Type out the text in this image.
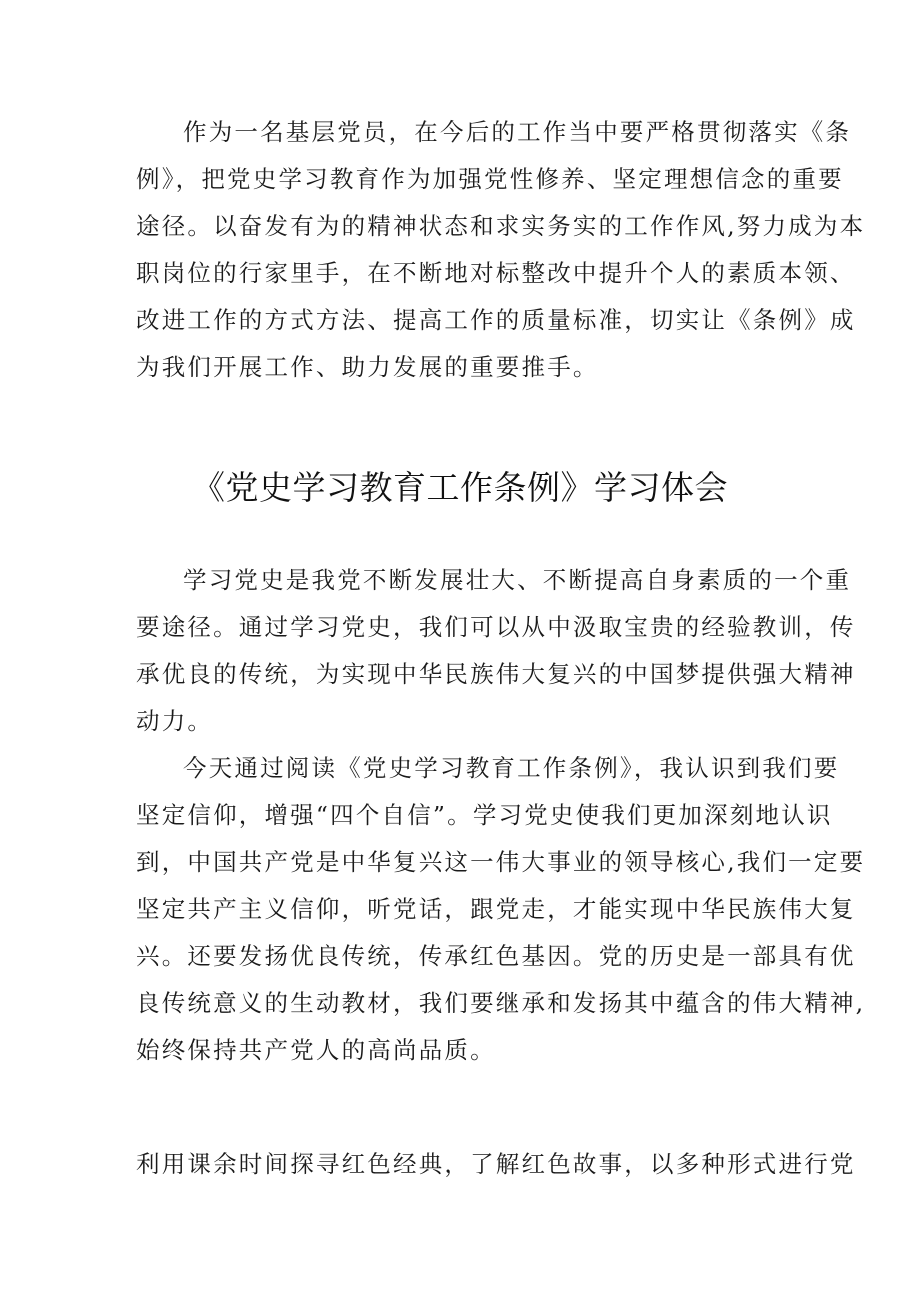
作为一名基层党员，在今后的工作当中要严格贯彻落实《条

例》，把党史学习教育作为加强党性修养、坚定理想信念的重要

途径。以奋发有为的精神状态和求实务实的工作作风,努力成为本

职岗位的行家里手，在不断地对标整改中提升个人的素质本领、

改进工作的方式方法、提高工作的质量标准，切实让《条例》成

为我们开展工作、助力发展的重要推手。

《党史学习教育工作条例》学习体会

学习党史是我党不断发展壮大、不断提高自身素质的一个重

要途径。通过学习党史，我们可以从中汲取宝贵的经验教训，传

承优良的传统，为实现中华民族伟大复兴的中国梦提供强大精神

动力。

今天通过阅读《党史学习教育工作条例》，我认识到我们要

坚定信仰，增强“四个自信”。学习党史使我们更加深刻地认识

到，中国共产党是中华复兴这一伟大事业的领导核心,我们一定要

坚定共产主义信仰，听党话，跟党走，才能实现中华民族伟大复

兴。还要发扬优良传统，传承红色基因。党的历史是一部具有优

良传统意义的生动教材，我们要继承和发扬其中蕴含的伟大精神,

始终保持共产党人的高尚品质。

利用课余时间探寻红色经典，了解红色故事，以多种形式进行党
